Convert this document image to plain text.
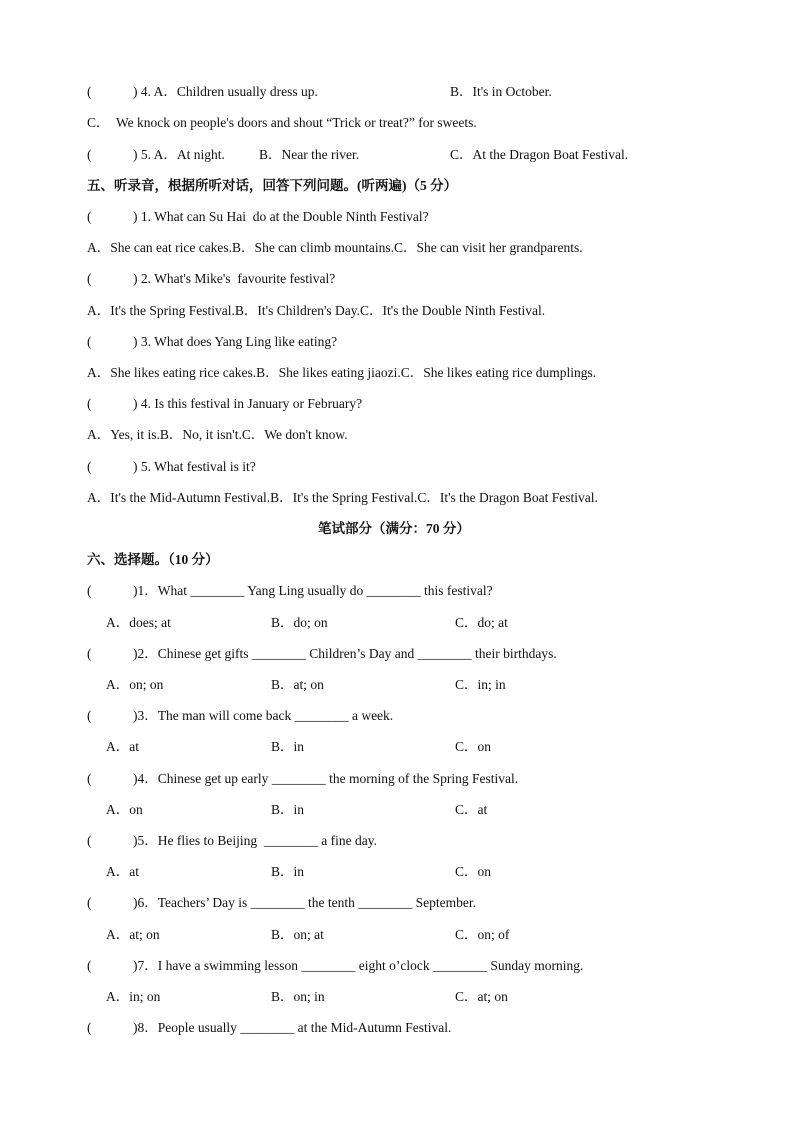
(	) 4. A．Children usually dress up.	B．It's in October.
C．  We knock on people's doors and shout “Trick or treat?” for sweets.
(	) 5. A．At night.	B．Near the river.	C．At the Dragon Boat Festival.
五、听录音，根据所听对话，回答下列问题。(听两遍)（5 分）
(	) 1. What can Su Hai  do at the Double Ninth Festival?
A．She can eat rice cakes.B．She can climb mountains.C．She can visit her grandparents.
(	) 2. What's Mike's  favourite festival?
A．It's the Spring Festival.B．It's Children's Day.C．It's the Double Ninth Festival.
(	) 3. What does Yang Ling like eating?
A．She likes eating rice cakes.B．She likes eating jiaozi.C．She likes eating rice dumplings.
(	) 4. Is this festival in January or February?
A．Yes, it is.B．No, it isn't.C．We don't know.
(	) 5. What festival is it?
A．It's the Mid-Autumn Festival.B．It's the Spring Festival.C．It's the Dragon Boat Festival.
笔试部分（满分：70 分）
六、选择题。（10 分）
(	)1．What ________ Yang Ling usually do ________ this festival?
A．does; at	B．do; on	C．do; at
(	)2．Chinese get gifts ________ Children’s Day and ________ their birthdays.
A．on; on	B．at; on	C．in; in
(	)3．The man will come back ________ a week.
A．at	B．in	C．on
(	)4．Chinese get up early ________ the morning of the Spring Festival.
A．on	B．in	C．at
(	)5．He flies to Beijing  ________ a fine day.
A．at	B．in	C．on
(	)6．Teachers’ Day is ________ the tenth ________ September.
A．at; on	B．on; at	C．on; of
(	)7．I have a swimming lesson ________ eight o’clock ________ Sunday morning.
A．in; on	B．on; in	C．at; on
(	)8．People usually ________ at the Mid-Autumn Festival.
